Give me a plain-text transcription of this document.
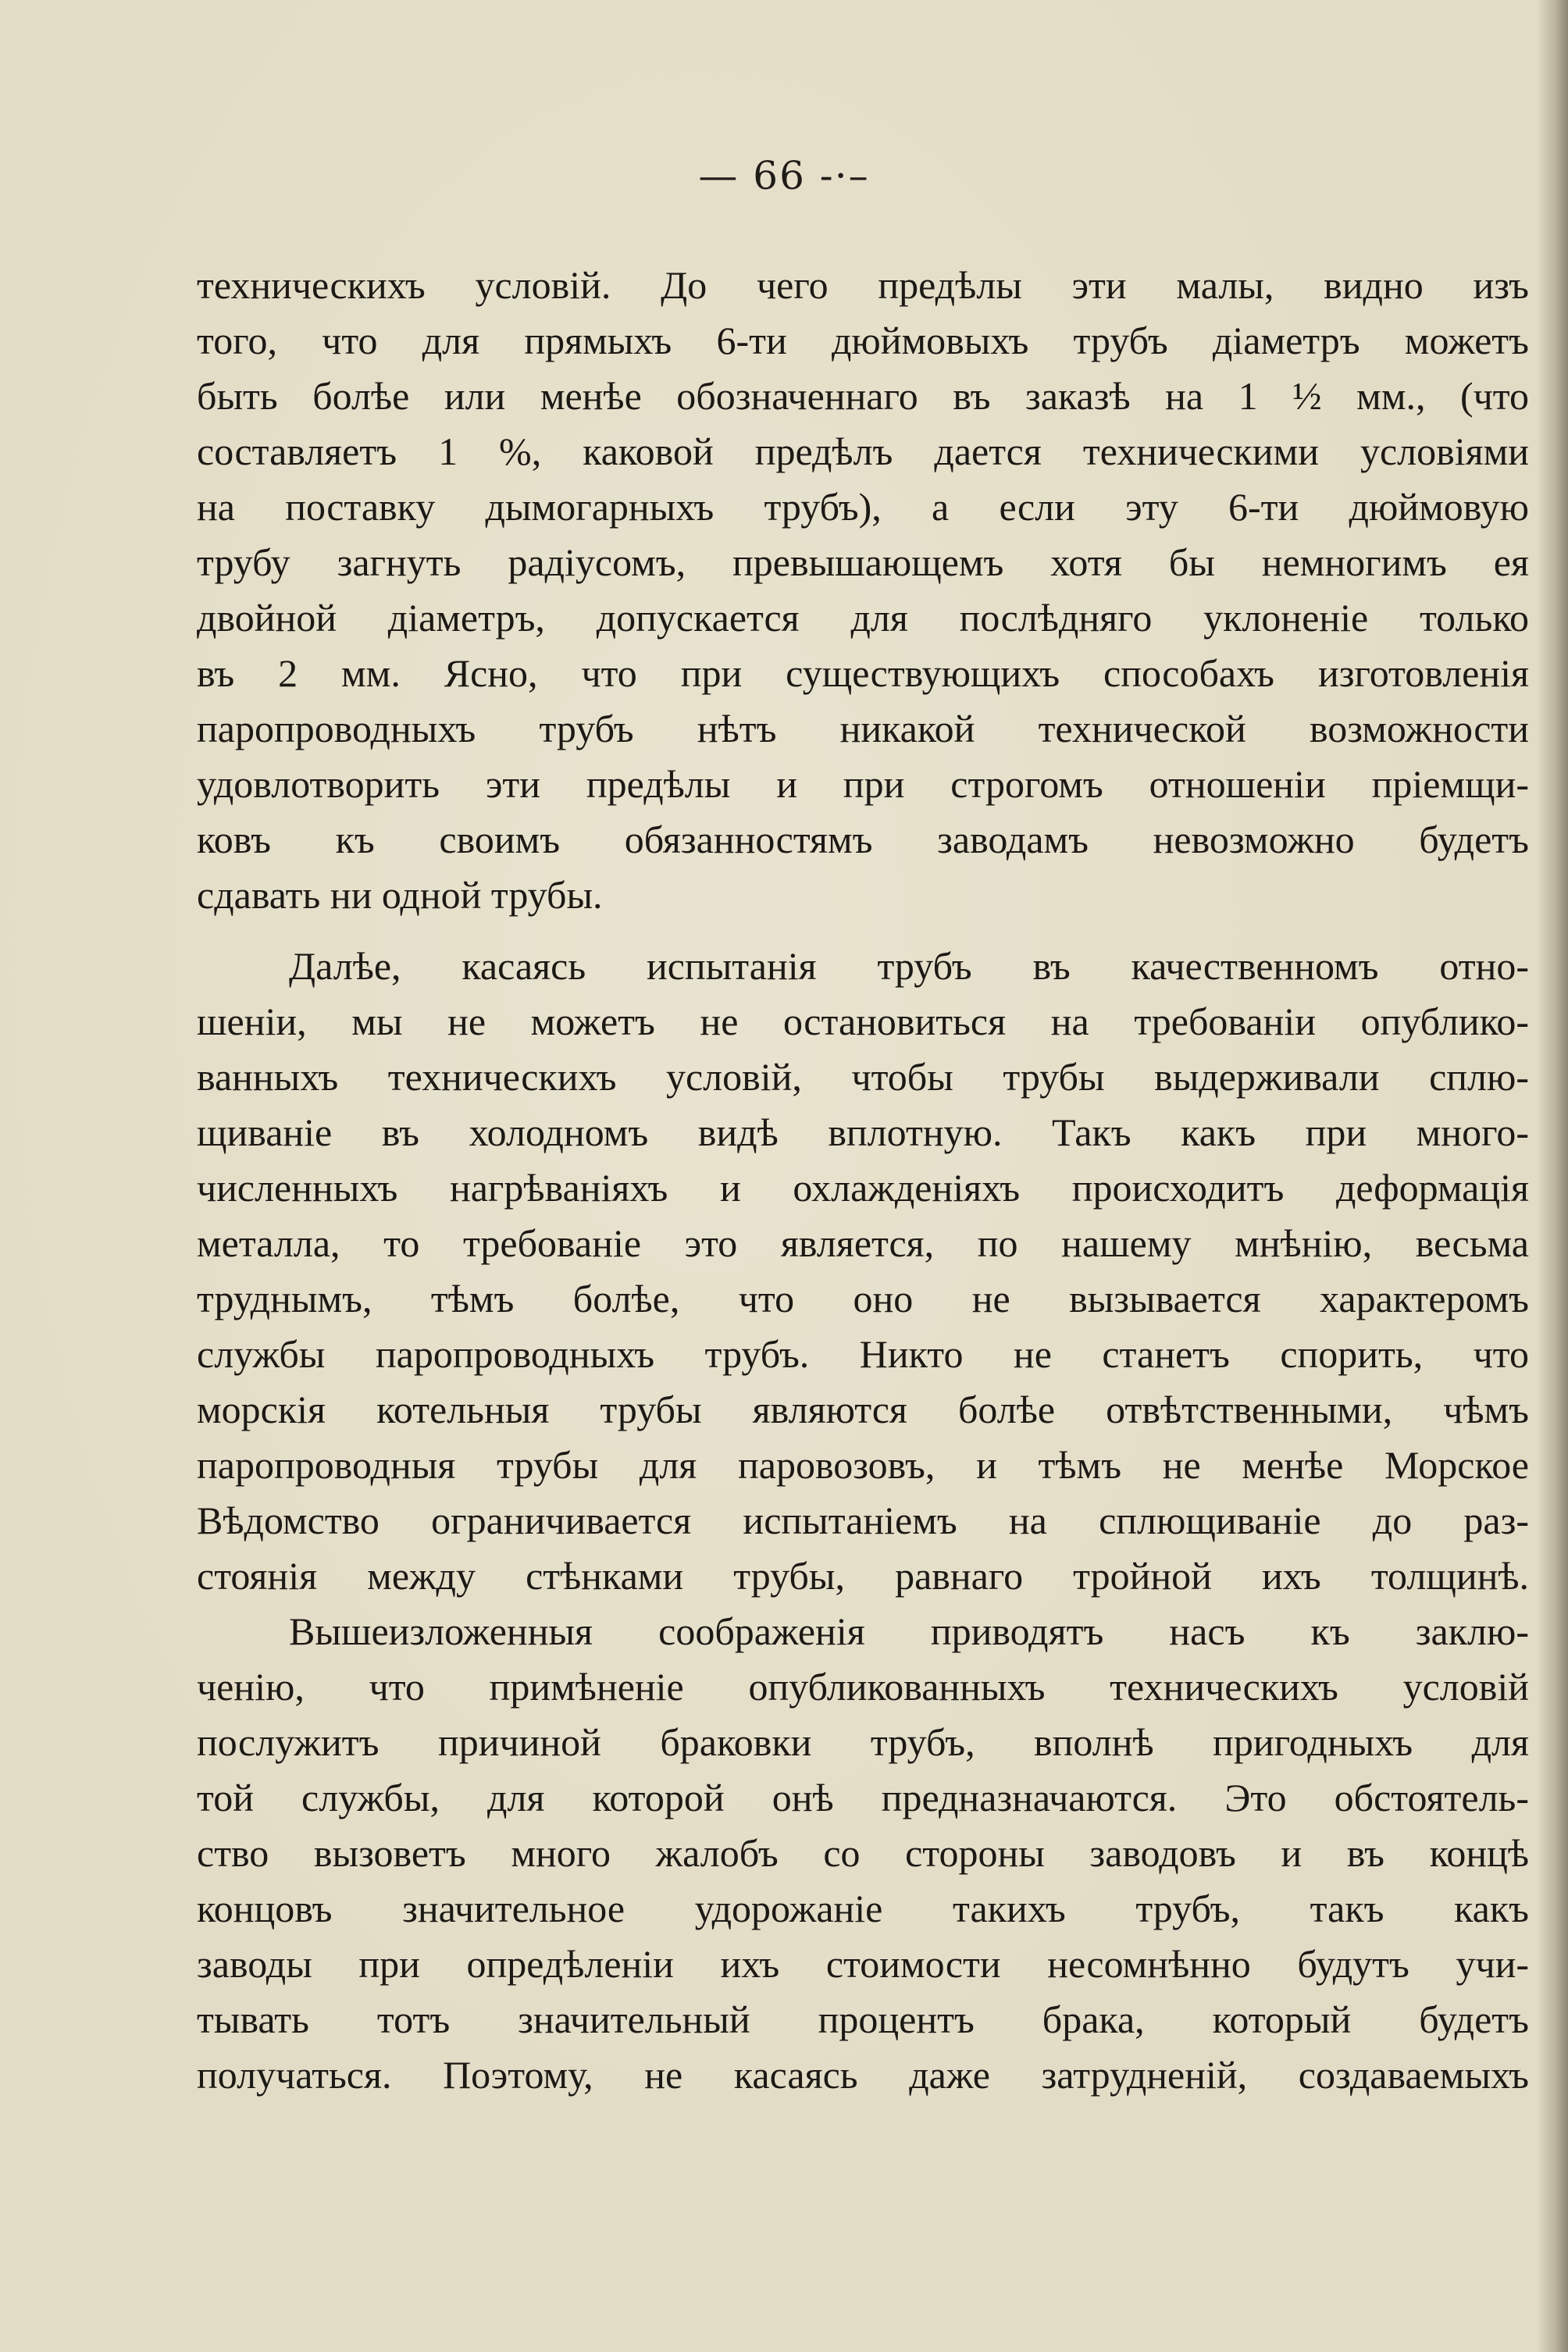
— 66 -·–
техническихъ условій. До чего предѣлы эти малы, видно изъ
того, что для прямыхъ 6-ти дюймовыхъ трубъ діаметръ можетъ
быть болѣе или менѣе обозначеннаго въ заказѣ на 1 ½ мм., (что
составляетъ 1 %, каковой предѣлъ дается техническими условіями
на поставку дымогарныхъ трубъ), а если эту 6-ти дюймовую
трубу загнуть радіусомъ, превышающемъ хотя бы немногимъ ея
двойной діаметръ, допускается для послѣдняго уклоненіе только
въ 2 мм. Ясно, что при существующихъ способахъ изготовленія
паропроводныхъ трубъ нѣтъ никакой технической возможности
удовлотворить эти предѣлы и при строгомъ отношеніи пріемщи-
ковъ къ своимъ обязанностямъ заводамъ невозможно будетъ
сдавать ни одной трубы.
Далѣе, касаясь испытанія трубъ въ качественномъ отно-
шеніи, мы не можетъ не остановиться на требованіи опублико-
ванныхъ техническихъ условій, чтобы трубы выдерживали сплю-
щиваніе въ холодномъ видѣ вплотную. Такъ какъ при много-
численныхъ нагрѣваніяхъ и охлажденіяхъ происходитъ деформація
металла, то требованіе это является, по нашему мнѣнію, весьма
труднымъ, тѣмъ болѣе, что оно не вызывается характеромъ
службы паропроводныхъ трубъ. Никто не станетъ спорить, что
морскія котельныя трубы являются болѣе отвѣтственными, чѣмъ
паропроводныя трубы для паровозовъ, и тѣмъ не менѣе Морское
Вѣдомство ограничивается испытаніемъ на сплющиваніе до раз-
стоянія между стѣнками трубы, равнаго тройной ихъ толщинѣ.
Вышеизложенныя соображенія приводятъ насъ къ заклю-
ченію, что примѣненіе опубликованныхъ техническихъ условій
послужитъ причиной браковки трубъ, вполнѣ пригодныхъ для
той службы, для которой онѣ предназначаются. Это обстоятель-
ство вызоветъ много жалобъ со стороны заводовъ и въ концѣ
концовъ значительное удорожаніе такихъ трубъ, такъ какъ
заводы при опредѣленіи ихъ стоимости несомнѣнно будутъ учи-
тывать тотъ значительный процентъ брака, который будетъ
получаться. Поэтому, не касаясь даже затрудненій, создаваемыхъ
